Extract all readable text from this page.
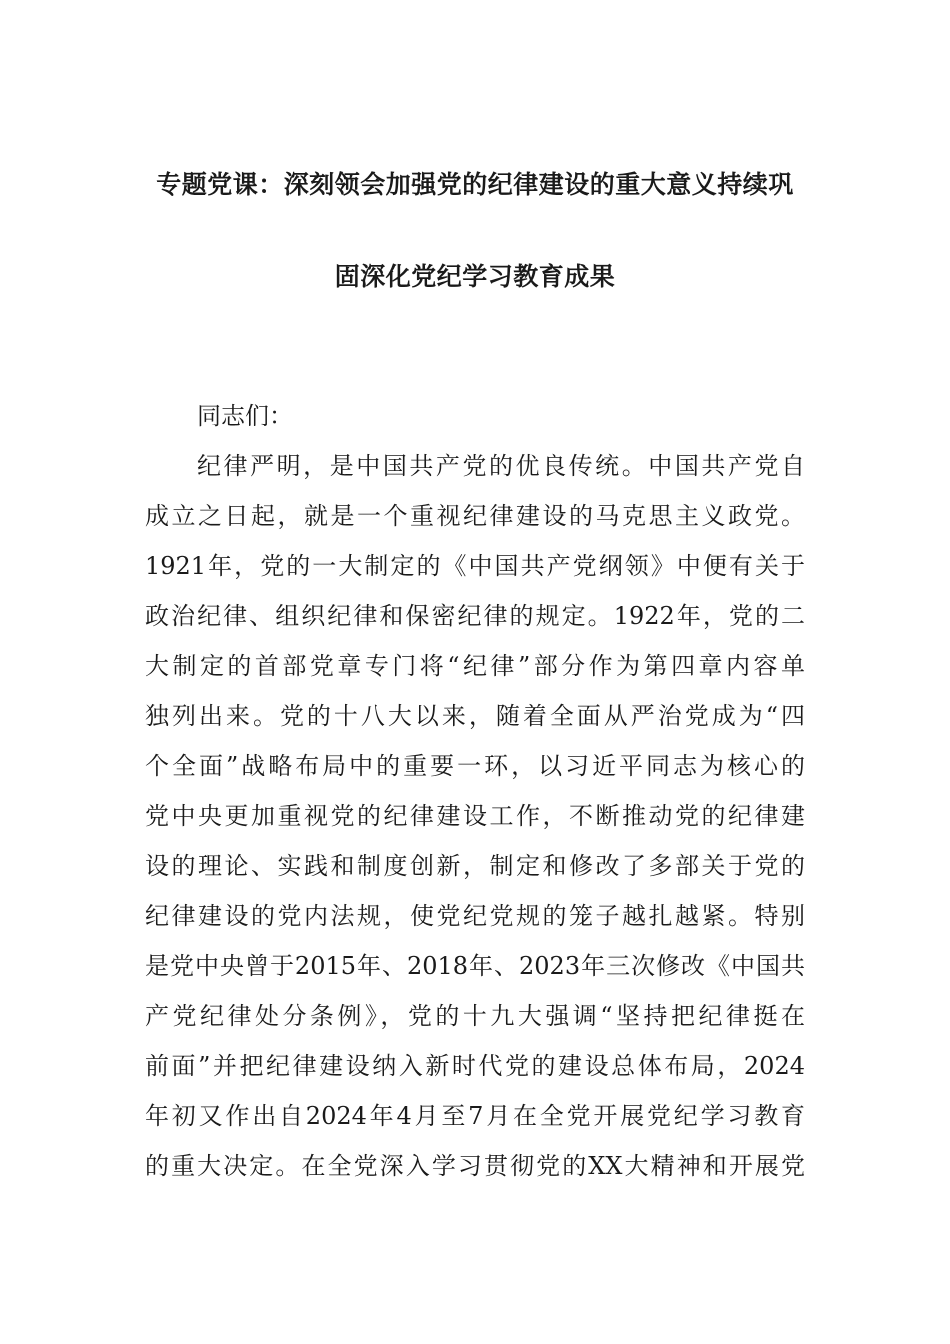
专题党课：深刻领会加强党的纪律建设的重大意义持续巩
固深化党纪学习教育成果
同志们：
纪律严明，是中国共产党的优良传统。中国共产党自
成立之日起，就是一个重视纪律建设的马克思主义政党。
1921年，党的一大制定的《中国共产党纲领》中便有关于
政治纪律、组织纪律和保密纪律的规定。1922年，党的二
大制定的首部党章专门将“纪律”部分作为第四章内容单
独列出来。党的十八大以来，随着全面从严治党成为“四
个全面”战略布局中的重要一环，以习近平同志为核心的
党中央更加重视党的纪律建设工作，不断推动党的纪律建
设的理论、实践和制度创新，制定和修改了多部关于党的
纪律建设的党内法规，使党纪党规的笼子越扎越紧。特别
是党中央曾于2015年、2018年、2023年三次修改《中国共
产党纪律处分条例》，党的十九大强调“坚持把纪律挺在
前面”并把纪律建设纳入新时代党的建设总体布局，2024
年初又作出自2024年4月至7月在全党开展党纪学习教育
的重大决定。在全党深入学习贯彻党的XX大精神和开展党
